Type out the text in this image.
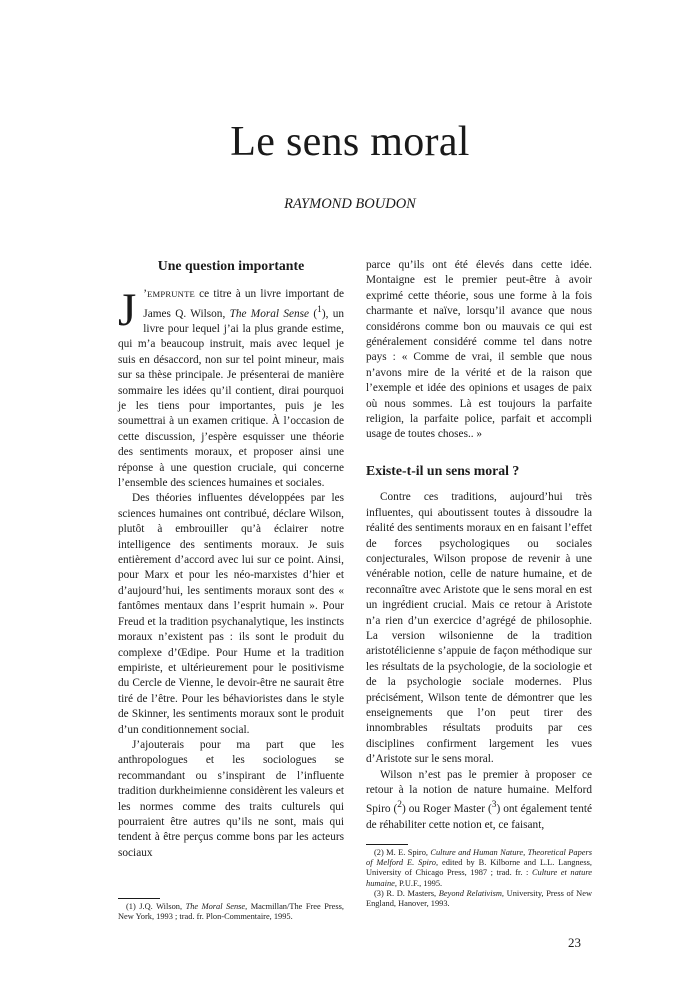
Le sens moral
RAYMOND BOUDON
Une question importante

J ’EMPRUNTE ce titre à un livre important de James Q. Wilson, The Moral Sense ($^1$), un livre pour lequel j’ai la plus grande estime, qui m’a beaucoup instruit, mais avec lequel je suis en désaccord, non sur tel point mineur, mais sur sa thèse principale. Je présenterai de manière sommaire les idées qu’il contient, dirai pourquoi je les tiens pour importantes, puis je les soumettrai à un examen critique. À l’occasion de cette discussion, j’espère esquisser une théorie des sentiments moraux, et proposer ainsi une réponse à une question cruciale, qui concerne l’ensemble des sciences humaines et sociales.

Des théories influentes développées par les sciences humaines ont contribué, déclare Wilson, plutôt à embrouiller qu’à éclairer notre intelligence des sentiments moraux. Je suis entièrement d’accord avec lui sur ce point. Ainsi, pour Marx et pour les néo-marxistes d’hier et d’aujourd’hui, les sentiments moraux sont des « fantômes mentaux dans l’esprit humain ». Pour Freud et la tradition psychanalytique, les instincts moraux n’existent pas : ils sont le produit du complexe d’Œdipe. Pour Hume et la tradition empiriste, et ultérieurement pour le positivisme du Cercle de Vienne, le devoir-être ne saurait être tiré de l’être. Pour les béhavioristes dans le style de Skinner, les sentiments moraux sont le produit d’un conditionnement social.

J’ajouterais pour ma part que les anthropologues et les sociologues se recommandant ou s’inspirant de l’influente tradition durkheimienne considèrent les valeurs et les normes comme des traits culturels qui pourraient être autres qu’ils ne sont, mais qui tendent à être perçus comme bons par les acteurs sociaux

parce qu’ils ont été élevés dans cette idée. Montaigne est le premier peut-être à avoir exprimé cette théorie, sous une forme à la fois charmante et naïve, lorsqu’il avance que nous considérons comme bon ou mauvais ce qui est généralement considéré comme tel dans notre pays : « Comme de vrai, il semble que nous n’avons mire de la vérité et de la raison que l’exemple et idée des opinions et usages de paix où nous sommes. Là est toujours la parfaite religion, la parfaite police, parfait et accompli usage de toutes choses.. »

Existe-t-il un sens moral ?

Contre ces traditions, aujourd’hui très influentes, qui aboutissent toutes à dissoudre la réalité des sentiments moraux en en faisant l’effet de forces psychologiques ou sociales conjecturales, Wilson propose de revenir à une vénérable notion, celle de nature humaine, et de reconnaître avec Aristote que le sens moral en est un ingrédient crucial. Mais ce retour à Aristote n’a rien d’un exercice d’agrégé de philosophie. La version wilsonienne de la tradition aristotélicienne s’appuie de façon méthodique sur les résultats de la psychologie, de la sociologie et de la psychologie sociale modernes. Plus précisément, Wilson tente de démontrer que les enseignements que l’on peut tirer des innombrables résultats produits par ces disciplines confirment largement les vues d’Aristote sur le sens moral.

Wilson n’est pas le premier à proposer ce retour à la notion de nature humaine. Melford Spiro ($^2$) ou Roger Master ($^3$) ont également tenté de réhabiliter cette notion et, ce faisant,

(1) J.Q. Wilson, The Moral Sense, Macmillan/The Free Press, New York, 1993 ; trad. fr. Plon-Commentaire, 1995.

(2) M. E. Spiro, Culture and Human Nature, Theoretical Papers of Melford E. Spiro, edited by B. Kilborne and L.L. Langness, University of Chicago Press, 1987 ; trad. fr. : Culture et nature humaine, P.U.F., 1995.

(3) R. D. Masters, Beyond Relativism, University, Press of New England, Hanover, 1993.

23
